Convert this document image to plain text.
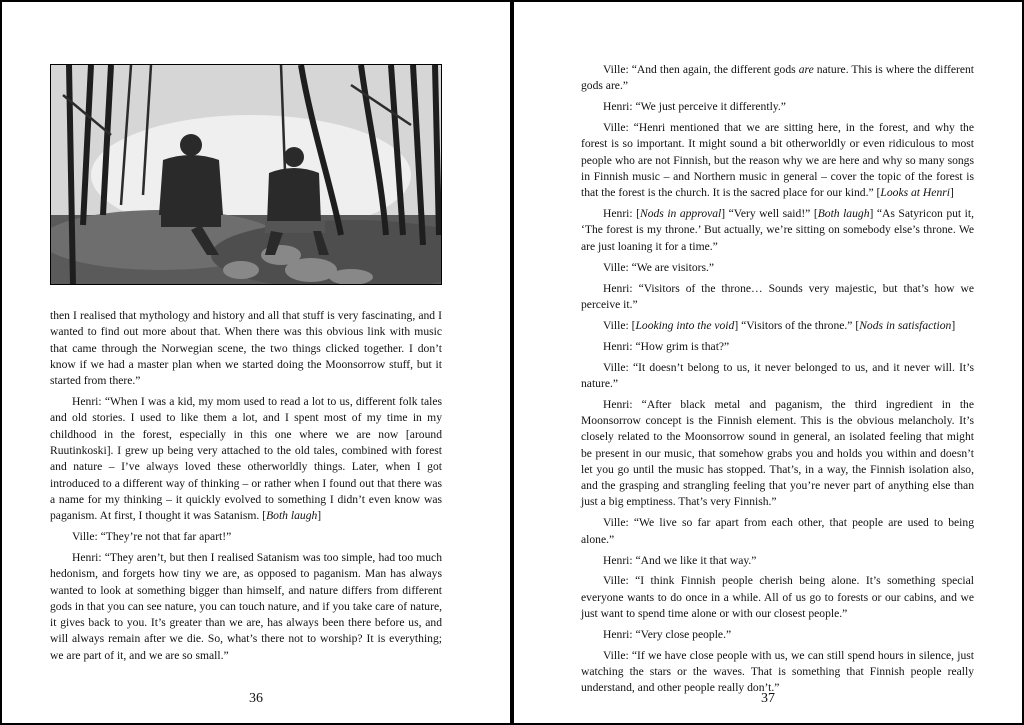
then I realised that mythology and history and all that stuff is very fascinating, and I wanted to find out more about that. When there was this obvious link with music that came through the Norwegian scene, the two things clicked together. I don’t know if we had a master plan when we started doing the Moonsorrow stuff, but it started from there.”

Henri: “When I was a kid, my mom used to read a lot to us, different folk tales and old stories. I used to like them a lot, and I spent most of my time in my childhood in the forest, especially in this one where we are now [around Ruutinkoski]. I grew up being very attached to the old tales, combined with forest and nature – I’ve always loved these otherworldly things. Later, when I got introduced to a different way of thinking – or rather when I found out that there was a name for my thinking – it quickly evolved to something I didn’t even know was paganism. At first, I thought it was Satanism. [Both laugh]

Ville: “They’re not that far apart!”

Henri: “They aren’t, but then I realised Satanism was too simple, had too much hedonism, and forgets how tiny we are, as opposed to paganism. Man has always wanted to look at something bigger than himself, and nature differs from different gods in that you can see nature, you can touch nature, and if you take care of nature, it gives back to you. It’s greater than we are, has always been there before us, and will always remain after we die. So, what’s there not to worship? It is everything; we are part of it, and we are so small.”

36

Ville: “And then again, the different gods are nature. This is where the different gods are.”

Henri: “We just perceive it differently.”

Ville: “Henri mentioned that we are sitting here, in the forest, and why the forest is so important. It might sound a bit otherworldly or even ridiculous to most people who are not Finnish, but the reason why we are here and why so many songs in Finnish music – and Northern music in general – cover the topic of the forest is that the forest is the church. It is the sacred place for our kind.” [Looks at Henri]

Henri: [Nods in approval] “Very well said!” [Both laugh] “As Satyricon put it, ‘The forest is my throne.’ But actually, we’re sitting on somebody else’s throne. We are just loaning it for a time.”

Ville: “We are visitors.”

Henri: “Visitors of the throne… Sounds very majestic, but that’s how we perceive it.”

Ville: [Looking into the void] “Visitors of the throne.” [Nods in satisfaction]

Henri: “How grim is that?”

Ville: “It doesn’t belong to us, it never belonged to us, and it never will. It’s nature.”

Henri: “After black metal and paganism, the third ingredient in the Moonsorrow concept is the Finnish element. This is the obvious melancholy. It’s closely related to the Moonsorrow sound in general, an isolated feeling that might be present in our music, that somehow grabs you and holds you within and doesn’t let you go until the music has stopped. That’s, in a way, the Finnish isolation also, and the grasping and strangling feeling that you’re never part of anything else than just a big emptiness. That’s very Finnish.”

Ville: “We live so far apart from each other, that people are used to being alone.”

Henri: “And we like it that way.”

Ville: “I think Finnish people cherish being alone. It’s something special everyone wants to do once in a while. All of us go to forests or our cabins, and we just want to spend time alone or with our closest people.”

Henri: “Very close people.”

Ville: “If we have close people with us, we can still spend hours in silence, just watching the stars or the waves. That is something that Finnish people really understand, and other people really don’t.”

37
